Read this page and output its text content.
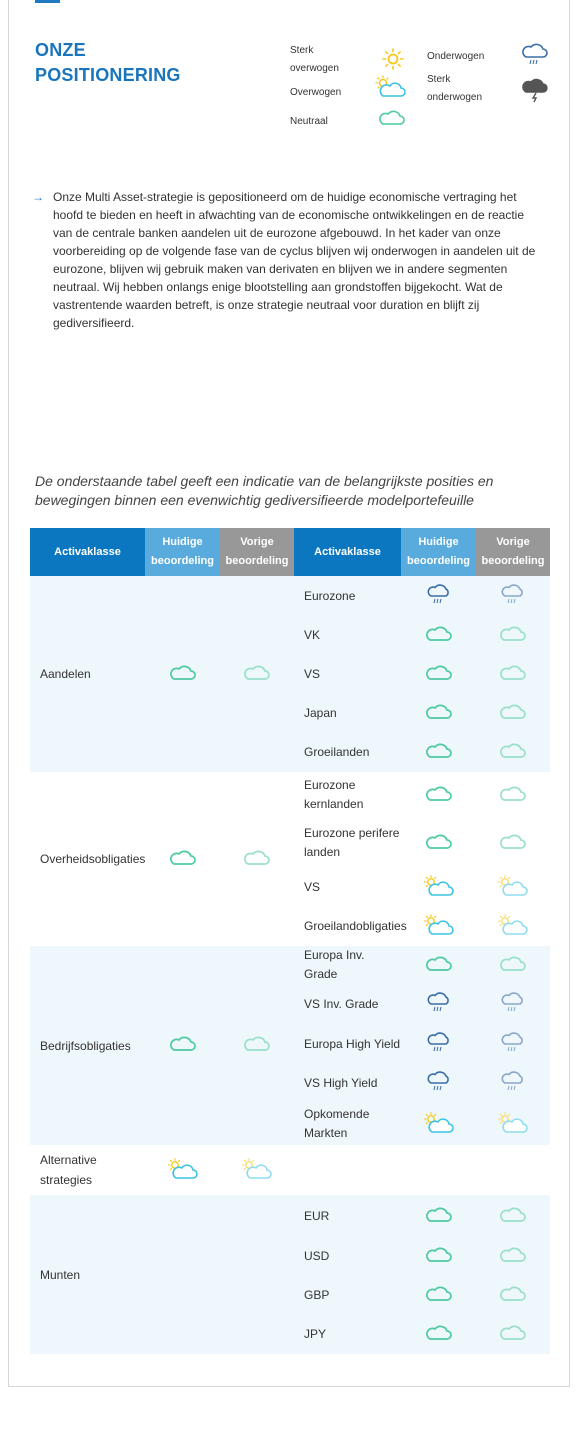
ONZE POSITIONERING
Sterk overwogen
Overwogen
Neutraal
Onderwogen
Sterk onderwogen
→ Onze Multi Asset-strategie is gepositioneerd om de huidige economische vertraging het hoofd te bieden en heeft in afwachting van de economische ontwikkelingen en de reactie van de centrale banken aandelen uit de eurozone afgebouwd. In het kader van onze voorbereiding op de volgende fase van de cyclus blijven wij onderwogen in aandelen uit de eurozone, blijven wij gebruik maken van derivaten en blijven we in andere segmenten neutraal. Wij hebben onlangs enige blootstelling aan grondstoffen bijgekocht. Wat de vastrentende waarden betreft, is onze strategie neutraal voor duration en blijft zij gediversifieerd.

De onderstaande tabel geeft een indicatie van de belangrijkste posities en bewegingen binnen een evenwichtig gediversifieerde modelportefeuille

Activaklasse	Huidige beoordeling	Vorige beoordeling	Activaklasse	Huidige beoordeling	Vorige beoordeling
Aandelen			Eurozone		
			VK		
			VS		
			Japan		
			Groeilanden		
Overheidsobligaties			Eurozone kernlanden		
			Eurozone perifere landen		
			VS		
			Groeilandobligaties		
Bedrijfsobligaties			Europa Inv. Grade		
			VS Inv. Grade		
			Europa High Yield		
			VS High Yield		
			Opkomende Markten		
Alternative strategies					
Munten			EUR		
			USD		
			GBP		
			JPY		
